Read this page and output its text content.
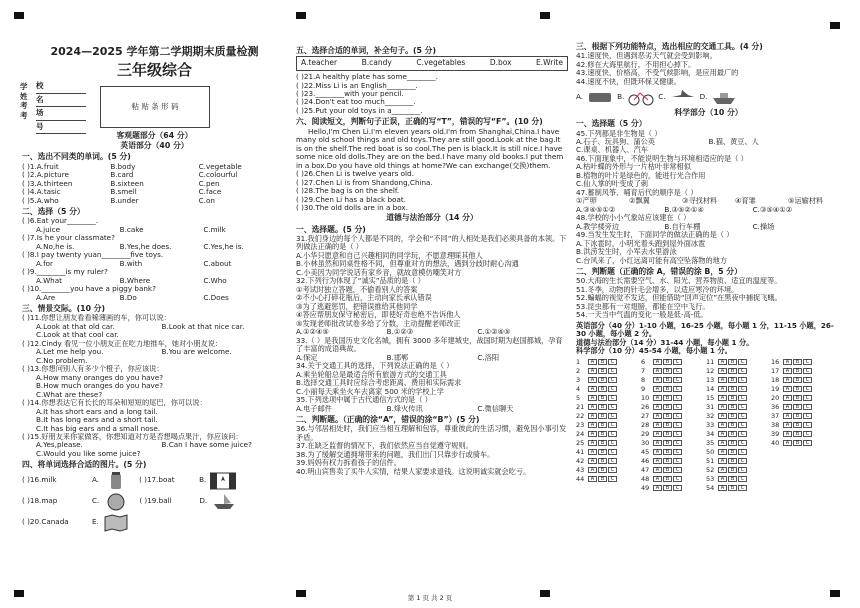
2024—2025 学年第二学期期末质量检测
三年级综合
学
姓
考
考
校
名
场
号
粘 贴 条 形 码
客观题部分（64 分）
英语部分（40 分）
一、选出不同类的单词。(5 分)
( )1.A.fruit	B.body	C.vegetable
( )2.A.picture	B.card	C.colourful
( )3.A.thirteen	B.sixteen	C.pen
( )4.A.tasic	B.smell	C.face
( )5.A.who	B.under	C.on
二、选择（5 分）
( )6.Eat your________.
A.juice	B.cake	C.milk
( )7.Is he your classmate?
A.No,he is.	B.Yes,he does.	C.Yes,he is.
( )8.I pay twenty yuan________five toys.
A.for	B.with	C.about
( )9.________is my ruler?
A.What	B.Where	C.Who
( )10.________you have a piggy bank?
A.Are	B.Do	C.Does
三、情景交际。(10 分)
( )11.你想让朋友看看稀薄画的车，你可以说：
A.Look at that old car.	B.Look at that nice car.
C.Look at that cool car.
( )12.Cindy 看见一位小朋友正在吃力地推车，她对小朋友说：
A.Let me help you.	B.You are welcome.
C.No problem.
( )13.你想问别人有多少个橙子，你应该说：
A.How many oranges do you have?
B.How much oranges do you have?
C.What are these?
( )14.你想表达它有长长的耳朵和短短的尾巴，你可以说：
A.It has short ears and a long tail.
B.It has long ears and a short tail.
C.It has big ears and a small nose.
( )15.好朋友来你家做客，你想知道对方是否想喝点果汁，你应该问：
A.Yes,please.	B.Can I have some juice?
C.Would you like some juice?
四、将单词选择合适的图片。(5 分)
( )16.milk	A.	( )17.boat	B.
( )18.map	C.	( )19.ball	D.
( )20.Canada	E.
五、选择合适的单词，补全句子。(5 分)
A.teacher	B.candy	C.vegetables	D.box	E.Write
( )21.A healthy plate has some________.
( )22.Miss Li is an English________.
( )23.________with your pencil.
( )24.Don't eat too much________.
( )25.Put your old toys in a________.
六、阅读短文，判断句子正误，正确的写“T”，错误的写“F”。(10 分)
Hello,I'm Chen Li.I'm eleven years old.I'm from Shanghai,China.I have many old school things and old toys.They are still good.Look at the bag.It is on the shelf.The red boat is so cool.The pen is black.It is still nice.I have some nice old dolls.They are on the bed.I have many old books.I put them in a box.Do you have old things at home?We can exchange(交换)them.
( )26.Chen Li is twelve years old.
( )27.Chen Li is from Shandong,China.
( )28.The bag is on the shelf.
( )29.Chen Li has a black boat.
( )30.The old dolls are in a box.
道德与法治部分（14 分）
一、选择题。(5 分)
31.我们身边的每个人都是不同的，学会和“不同”的人相处是我们必须具备的本领。下列做法正确的是（ ）
A.小华只愿意和自己兴趣相同的同学玩，不愿意理睬其他人
B.小林虽然和同桌性格不同，但尊重对方的想法，遇到分歧时耐心沟通
C.小美因为同学说话有家乡音，就故意模仿嘲笑对方
32.下列行为体现了“诚实”品质的是（ ）
①考试时独立答题，不偷看别人的答案
②不小心打碎花瓶后，主动向家长承认错误
③为了逃避惩罚，把错误推给其他同学
④答应帮朋友保守秘密后，即使好奇也绝不告诉他人
⑤发现老师批改试卷多给了分数，主动提醒老师改正
A.①②④⑤	B.①②③	C.①②④⑤
33.（ ）是我国历史文化名城，拥有 3000 多年建城史，战国时期为赵国都城，孕育了丰富的成语典故。
A.保定	B.邯郸	C.洛阳
34.关于交通工具的选择，下列说法正确的是（ ）
A.乘坐轮船总是最适合所有旅游方式的交通工具
B.选择交通工具时应综合考虑距离、费用和实际需求
C.小丽每天乘坐火车去离家 500 米的学校上学
35.下列选项中属于古代通信方式的是（ ）
A.电子邮件	B.烽火传讯	C.微信聊天
二、判断题。（正确的涂“A”，错误的涂“B”）(5 分)
36.与邻居相处时，我们应当相互理解和包容，尊重彼此的生活习惯，避免因小事引发矛盾。
37.在缺乏监督的情况下，我们依然应当自觉遵守规则。
38.为了缓解交通拥堵带来的问题，我们出门只靠步行或骑车。
39.妈妈有权力拆看孩子的信件。
40.明山宾售卖了买牛人实情，结果人家要求退钱。这说明诚实就会吃亏。
三、根据下列功能特点，选出相应的交通工具。(4 分)
41.速度快，但遇到恶劣天气就会受到影响。
42.修在大海里航行，不用担心掉下。
43.速度快，价格高，不受气候影响，是应用最广的
44.速度不快，但既环保又健康。
A.	B.	C.	D.
科学部分（10 分）
一、选择题（5 分）
45.下列都是非生物是（ ）
A.石子、玩具狗、蒲公英	B.猫、黄豆、人
C.课桌、机器人、汽车
46.下面现象中，不能说明生物与环境相适应的是（ ）
A.枯叶蝶的外形与一片枯叶非常相似
B.植物的叶片是绿色的，能进行光合作用
C.仙人掌的叶变成了刺
47.蓄制风筝、哺育后代的顺序是（ ）
①产卵	②飘翼	③寻找材料	④育雏	⑤运输材料
A.③④⑤①②	B.③⑤②①④	C.③⑤④①②
48.学校的小小气象站应该建在（ ）
A.教学楼旁边	B.自行车棚	C.操场
49.当发生发生时，下面同学的做法正确的是（ ）
A.下冰雹时，小明光着头跑到屋外面冰雹
B.洪涝发生时，小军去水里游泳
C.台风来了，小红远离可能有高空坠落物的地方
二、判断题（正确的涂 A，错误的涂 B，5 分）
50.大海的生长需要空气、水、阳光、营养物质、适宜的温度等。
51.冬季，动物的针毛会增多，以适应寒冷的环境。
52.蝙蝠的视觉不发达，但能借助“回声定位”在黑夜中捕捉飞蛾。
53.昆虫都有一对翅膀，都能在空中飞行。
54.一天当中气温的变化一般是低-高-低。
英语部分（40 分）1-10 小题，16-25 小题，每小题 1 分，11-15 小题，26-30 小题，每小题 2 分。
道德与法治部分（14 分）31-44 小题，每小题 1 分。
科学部分（10 分）45-54 小题，每小题 1 分。
1 A B C
2 A B C
3 A B C
4 A B C
5 A B C
6 A B C
7 A B C
8 A B C
9 A B C
10 A B C
11 A B C
12 A B C
13 A B C
14 A B C
15 A B C
16 A B C
17 A B C
18 A B C
19 A B C
20 A B C
21 A B C
22 A B C
23 A B C
24 A B C
25 A B C
26 A B C
27 A B C
28 A B C
29 A B C
30 A B C
31 A B C
32 A B C
33 A B C
34 A B C
35 A B C
36 A B C
37 A B C
38 A B C
39 A B C
40 A B C
41 A B C
42 A B C
43 A B C
44 A B C
45 A B C
46 A B C
47 A B C
48 A B C
49 A B C
50 A B C
51 A B C
52 A B C
53 A B C
54 A B C
第 1 页 共 2 页
